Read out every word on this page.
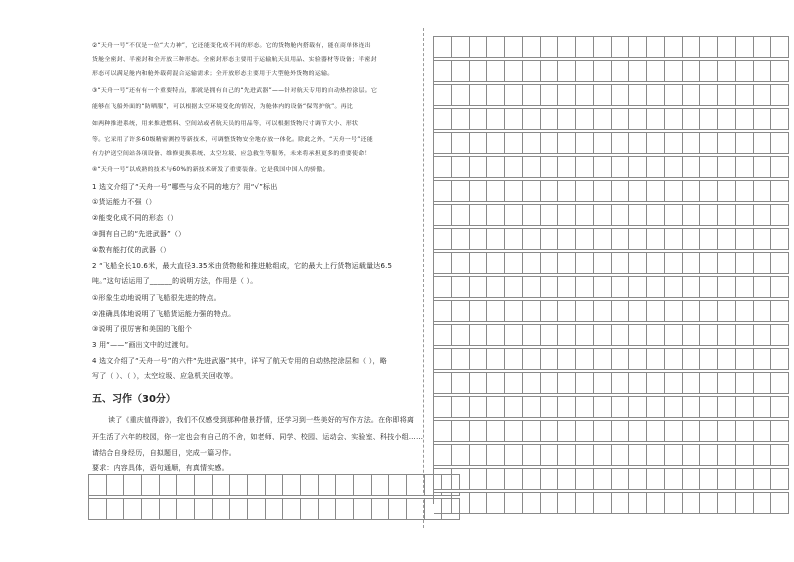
②“天舟一号”不仅是一位“大力神”，它还能变化成不同的形态。它的货物舱内搭载有，能在商单体连出
货舱全密封、半密封和全开放三种形态。全密封形态主要用于运输航天员用品、实验器材等设备；半密封
形态可以满足舱内和舱外载荷混合运输需求；全开放形态主要用于大型舱外货物的运输。
③“天舟一号”还有有一个重要特点，那就是拥有自己的“先进武器”——针对航天专用的自动热控涂层。它
能够在飞船外面的“防晒服”，可以根据太空环境变化的情况，为舱体内的设备“保驾护航”。再比
如两种推进系统，用来推进燃料、空间站或者航天员的用品等，可以根据货物尺寸调节大小、形状
等。它采用了许多60级精密测控等新技术，可调整货物安全地存放一体化。除此之外，“天舟一号”还能
有力护送空间站各项设备、维修更换系统、太空垃圾、应急救生等服务，未来将承担更多的重要使命！
④“天舟一号”以成熟的技术与60%的新技术研发了重要装备。它是我国中国人的骄傲。
1 选文介绍了“天舟一号”哪些与众不同的地方？用“√”标出
①货运能力不强（）
②能变化成不同的形态（）
③拥有自己的“先进武器”（）
④数有能打仗的武器（）
2 “飞船全长10.6米，最大直径3.35米由货物舱和推进舱组成，它的最大上行货物运载量达6.5
吨。”这句话运用了______的说明方法，作用是（ ）。
①形象生动地说明了飞船很先进的特点。
②准确具体地说明了飞船货运能力强的特点。
③说明了很厉害和美国的飞船个
3 用“——”画出文中的过渡句。
4 选文介绍了“天舟一号”的六件“先进武器”其中，详写了航天专用的自动热控涂层和（ ），略
写了（ ）、（ ），太空垃圾、应急机关回收等。
五、习作（30分）
读了《重庆值得游》，我们不仅感受到那种借景抒情，还学习到一些美好的写作方法。在你即将离
开生活了六年的校园，你一定也会有自己的不舍，如老师、同学、校园、运动会、实验室、科技小组……
请结合自身经历，自拟题目，完成一篇习作。
要求：内容具体，语句通顺，有真情实感。
